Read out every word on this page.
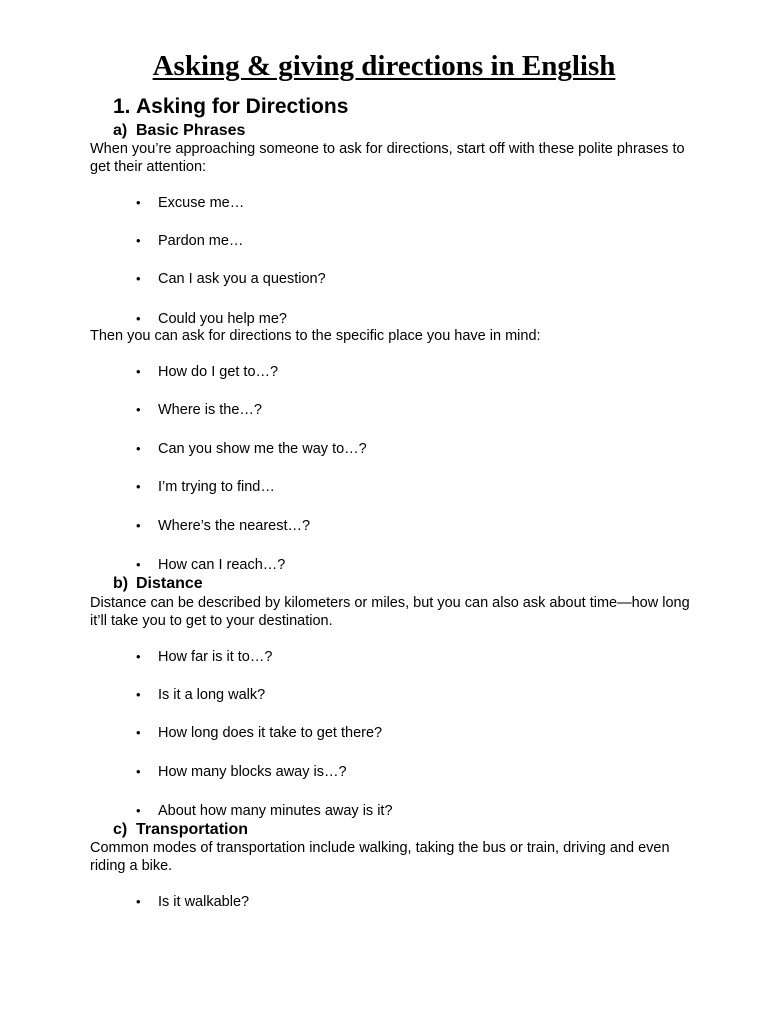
Asking & giving directions in English
1. Asking for Directions
a) Basic Phrases
When you’re approaching someone to ask for directions, start off with these polite phrases to get their attention:
• Excuse me…
• Pardon me…
• Can I ask you a question?
• Could you help me?
Then you can ask for directions to the specific place you have in mind:
• How do I get to…?
• Where is the…?
• Can you show me the way to…?
• I’m trying to find…
• Where’s the nearest…?
• How can I reach…?
b) Distance
Distance can be described by kilometers or miles, but you can also ask about time—how long it’ll take you to get to your destination.
• How far is it to…?
• Is it a long walk?
• How long does it take to get there?
• How many blocks away is…?
• About how many minutes away is it?
c) Transportation
Common modes of transportation include walking, taking the bus or train, driving and even riding a bike.
• Is it walkable?
